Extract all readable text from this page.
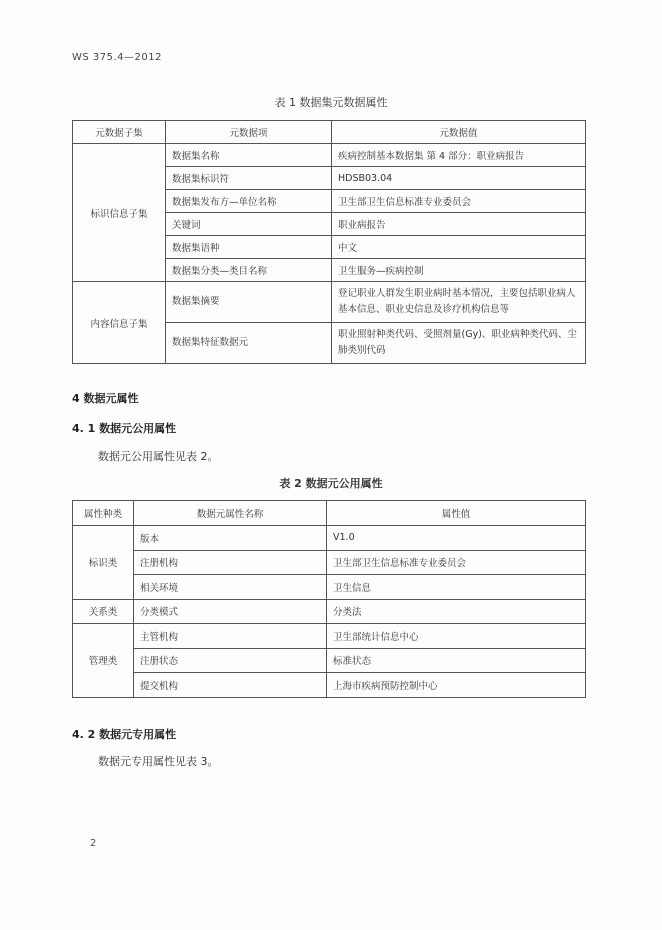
WS 375.4—2012
表 1 数据集元数据属性
元数据子集	元数据项	元数据值
标识信息子集	数据集名称	疾病控制基本数据集 第 4 部分：职业病报告
	数据集标识符	HDSB03.04
	数据集发布方—单位名称	卫生部卫生信息标准专业委员会
	关键词	职业病报告
	数据集语种	中文
	数据集分类—类目名称	卫生服务—疾病控制
内容信息子集	数据集摘要	登记职业人群发生职业病时基本情况，主要包括职业病人基本信息、职业史信息及诊疗机构信息等
	数据集特征数据元	职业照射种类代码、受照剂量(Gy)、职业病种类代码、尘肺类别代码
4 数据元属性
4. 1 数据元公用属性
数据元公用属性见表 2。
表 2 数据元公用属性
属性种类	数据元属性名称	属性值
标识类	版本	V1.0
	注册机构	卫生部卫生信息标准专业委员会
	相关环境	卫生信息
关系类	分类模式	分类法
管理类	主管机构	卫生部统计信息中心
	注册状态	标准状态
	提交机构	上海市疾病预防控制中心
4. 2 数据元专用属性
数据元专用属性见表 3。
2
